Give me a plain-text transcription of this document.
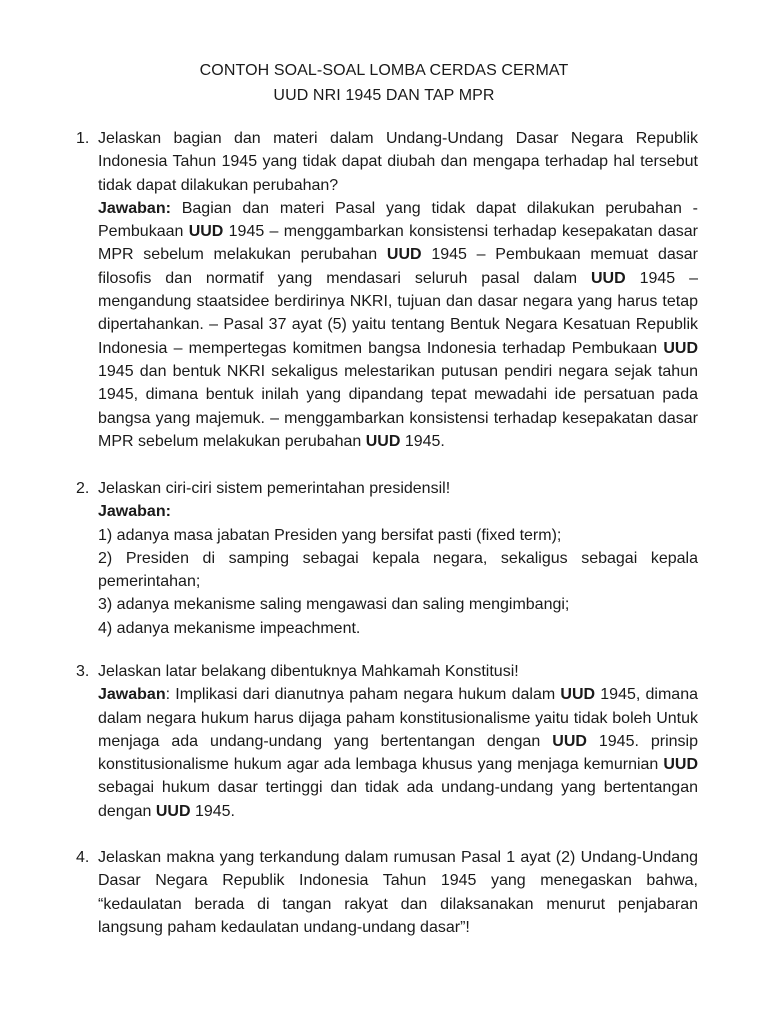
CONTOH SOAL-SOAL LOMBA CERDAS CERMAT
UUD NRI 1945 DAN TAP MPR
1. Jelaskan bagian dan materi dalam Undang-Undang Dasar Negara Republik Indonesia Tahun 1945 yang tidak dapat diubah dan mengapa terhadap hal tersebut tidak dapat dilakukan perubahan?

Jawaban: Bagian dan materi Pasal yang tidak dapat dilakukan perubahan -Pembukaan UUD 1945 – menggambarkan konsistensi terhadap kesepakatan dasar MPR sebelum melakukan perubahan UUD 1945 – Pembukaan memuat dasar filosofis dan normatif yang mendasari seluruh pasal dalam UUD 1945 – mengandung staatsidee berdirinya NKRI, tujuan dan dasar negara yang harus tetap dipertahankan. – Pasal 37 ayat (5) yaitu tentang Bentuk Negara Kesatuan Republik Indonesia – mempertegas komitmen bangsa Indonesia terhadap Pembukaan UUD 1945 dan bentuk NKRI sekaligus melestarikan putusan pendiri negara sejak tahun 1945, dimana bentuk inilah yang dipandang tepat mewadahi ide persatuan pada bangsa yang majemuk. – menggambarkan konsistensi terhadap kesepakatan dasar MPR sebelum melakukan perubahan UUD 1945.

2. Jelaskan ciri-ciri sistem pemerintahan presidensil!

Jawaban:

1) adanya masa jabatan Presiden yang bersifat pasti (fixed term);

2) Presiden di samping sebagai kepala negara, sekaligus sebagai kepala pemerintahan;

3) adanya mekanisme saling mengawasi dan saling mengimbangi;

4) adanya mekanisme impeachment.

3. Jelaskan latar belakang dibentuknya Mahkamah Konstitusi!

Jawaban: Implikasi dari dianutnya paham negara hukum dalam UUD 1945, dimana dalam negara hukum harus dijaga paham konstitusionalisme yaitu tidak boleh Untuk menjaga ada undang-undang yang bertentangan dengan UUD 1945. prinsip konstitusionalisme hukum agar ada lembaga khusus yang menjaga kemurnian UUD sebagai hukum dasar tertinggi dan tidak ada undang-undang yang bertentangan dengan UUD 1945.

4. Jelaskan makna yang terkandung dalam rumusan Pasal 1 ayat (2) Undang-Undang Dasar Negara Republik Indonesia Tahun 1945 yang menegaskan bahwa, “kedaulatan berada di tangan rakyat dan dilaksanakan menurut penjabaran langsung paham kedaulatan undang-undang dasar”!
